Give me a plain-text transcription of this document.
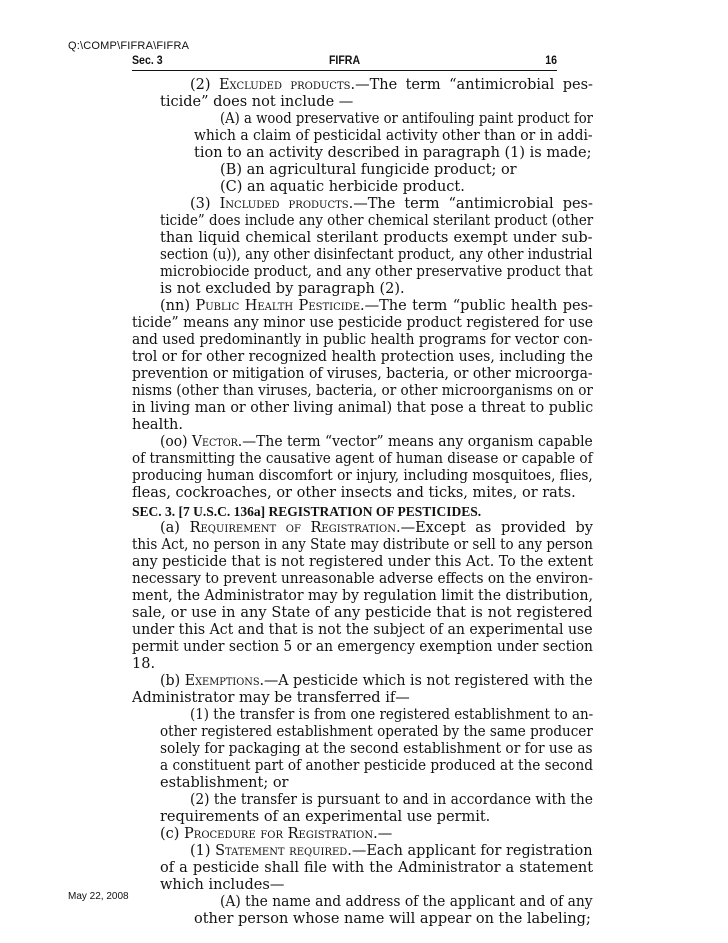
Q:\COMP\FIFRA\FIFRA
Sec. 3	FIFRA	16
(2) Excluded products.—The term “antimicrobial pes-
ticide” does not include —
(A) a wood preservative or antifouling paint product for
which a claim of pesticidal activity other than or in addi-
tion to an activity described in paragraph (1) is made;
(B) an agricultural fungicide product; or
(C) an aquatic herbicide product.
(3) Included products.—The term “antimicrobial pes-
ticide” does include any other chemical sterilant product (other
than liquid chemical sterilant products exempt under sub-
section (u)), any other disinfectant product, any other industrial
microbiocide product, and any other preservative product that
is not excluded by paragraph (2).
(nn) Public Health Pesticide.—The term “public health pes-
ticide” means any minor use pesticide product registered for use
and used predominantly in public health programs for vector con-
trol or for other recognized health protection uses, including the
prevention or mitigation of viruses, bacteria, or other microorga-
nisms (other than viruses, bacteria, or other microorganisms on or
in living man or other living animal) that pose a threat to public
health.
(oo) Vector.—The term “vector” means any organism capable
of transmitting the causative agent of human disease or capable of
producing human discomfort or injury, including mosquitoes, flies,
fleas, cockroaches, or other insects and ticks, mites, or rats.
SEC. 3. [7 U.S.C. 136a] REGISTRATION OF PESTICIDES.
(a) Requirement of Registration.—Except as provided by
this Act, no person in any State may distribute or sell to any person
any pesticide that is not registered under this Act. To the extent
necessary to prevent unreasonable adverse effects on the environ-
ment, the Administrator may by regulation limit the distribution,
sale, or use in any State of any pesticide that is not registered
under this Act and that is not the subject of an experimental use
permit under section 5 or an emergency exemption under section
18.
(b) Exemptions.—A pesticide which is not registered with the
Administrator may be transferred if—
(1) the transfer is from one registered establishment to an-
other registered establishment operated by the same producer
solely for packaging at the second establishment or for use as
a constituent part of another pesticide produced at the second
establishment; or
(2) the transfer is pursuant to and in accordance with the
requirements of an experimental use permit.
(c) Procedure for Registration.—
(1) Statement required.—Each applicant for registration
of a pesticide shall file with the Administrator a statement
which includes—
(A) the name and address of the applicant and of any
other person whose name will appear on the labeling;
May 22, 2008
